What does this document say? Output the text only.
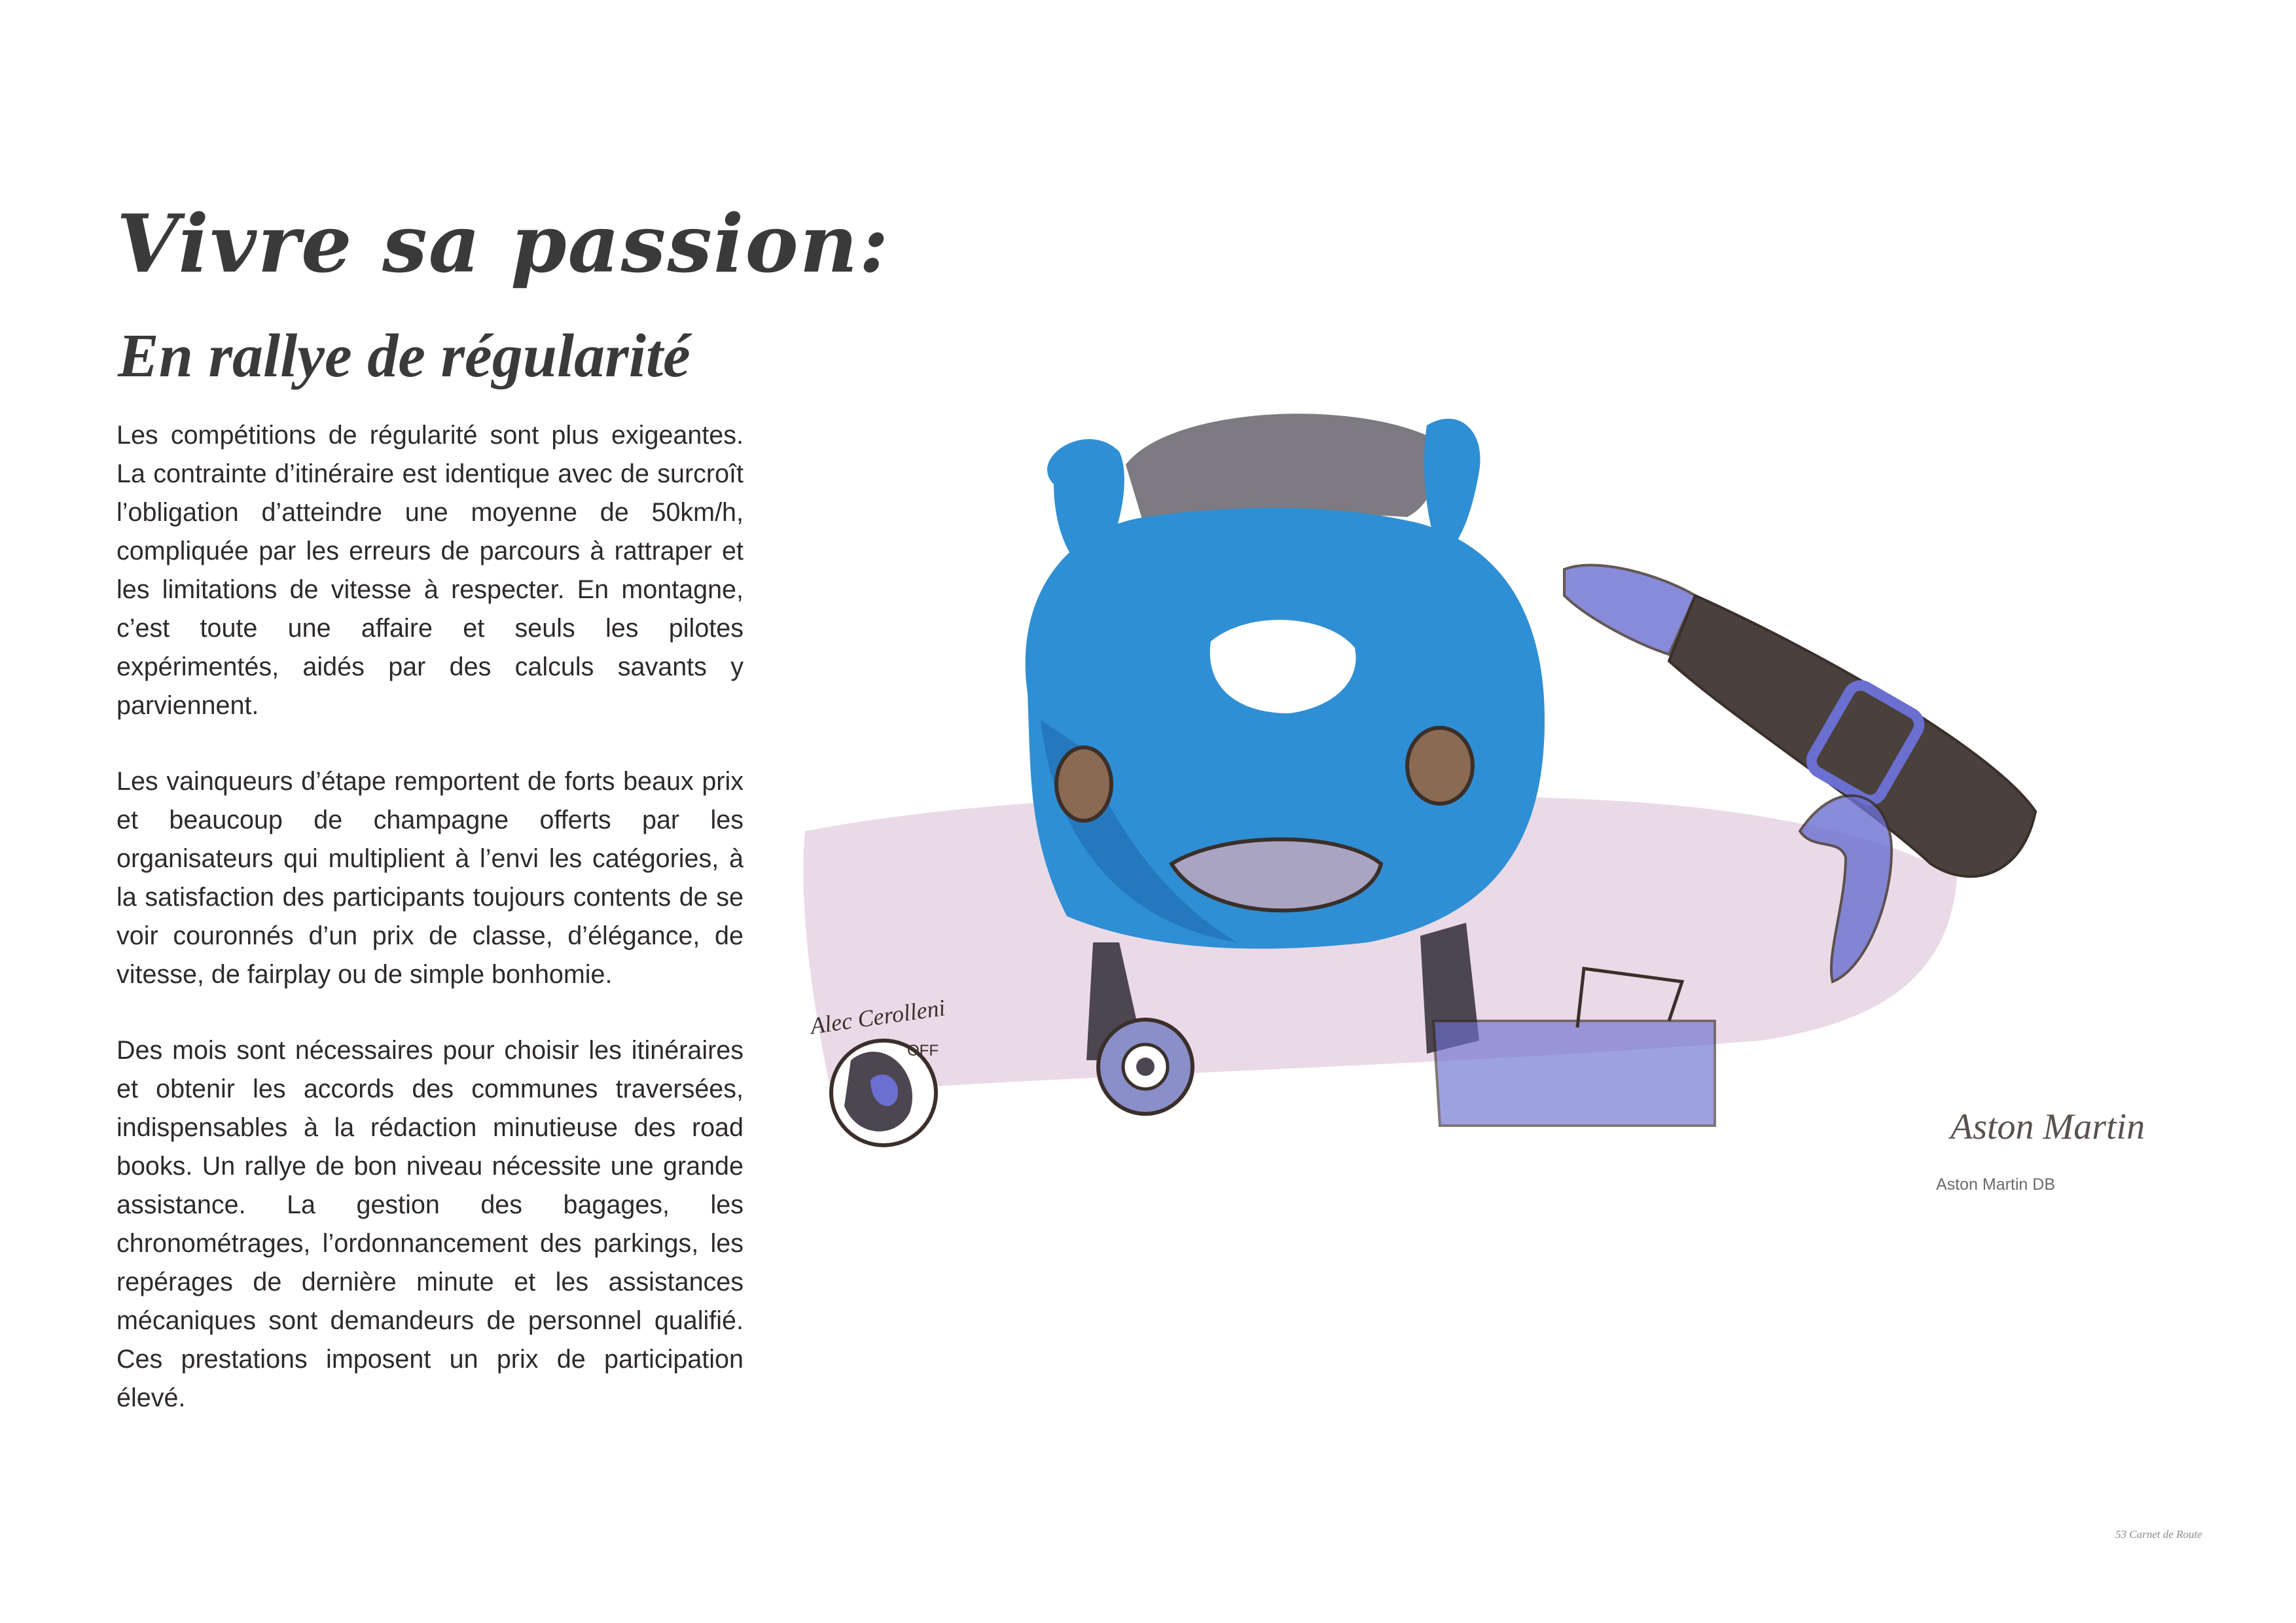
Vivre sa passion:
En rallye de régularité

Les compétitions de régularité sont plus exigeantes. La contrainte d’itinéraire est identique avec de surcroît l’obligation d’atteindre une moyenne de 50km/h, compliquée par les erreurs de parcours à rattraper et les limitations de vitesse à respecter. En montagne, c’est toute une affaire et seuls les pilotes expérimentés, aidés par des calculs savants y parviennent.

Les vainqueurs d’étape remportent de forts beaux prix et beaucoup de champagne offerts par les organisateurs qui multiplient à l’envi les catégories, à la satisfaction des participants toujours contents de se voir couronnés d’un prix de classe, d’élégance, de vitesse, de fairplay ou de simple bonhomie.

Des mois sont nécessaires pour choisir les itinéraires et obtenir les accords des communes traversées, indispensables à la rédaction minutieuse des road books. Un rallye de bon niveau nécessite une grande assistance. La gestion des bagages, les chronométrages, l’ordonnancement des parkings, les repérages de dernière minute et les assistances mécaniques sont demandeurs de personnel qualifié. Ces prestations imposent un prix de participation élevé.

OFF
Alec Cerolleni
Aston Martin
Aston Martin DB
53 Carnet de Route
